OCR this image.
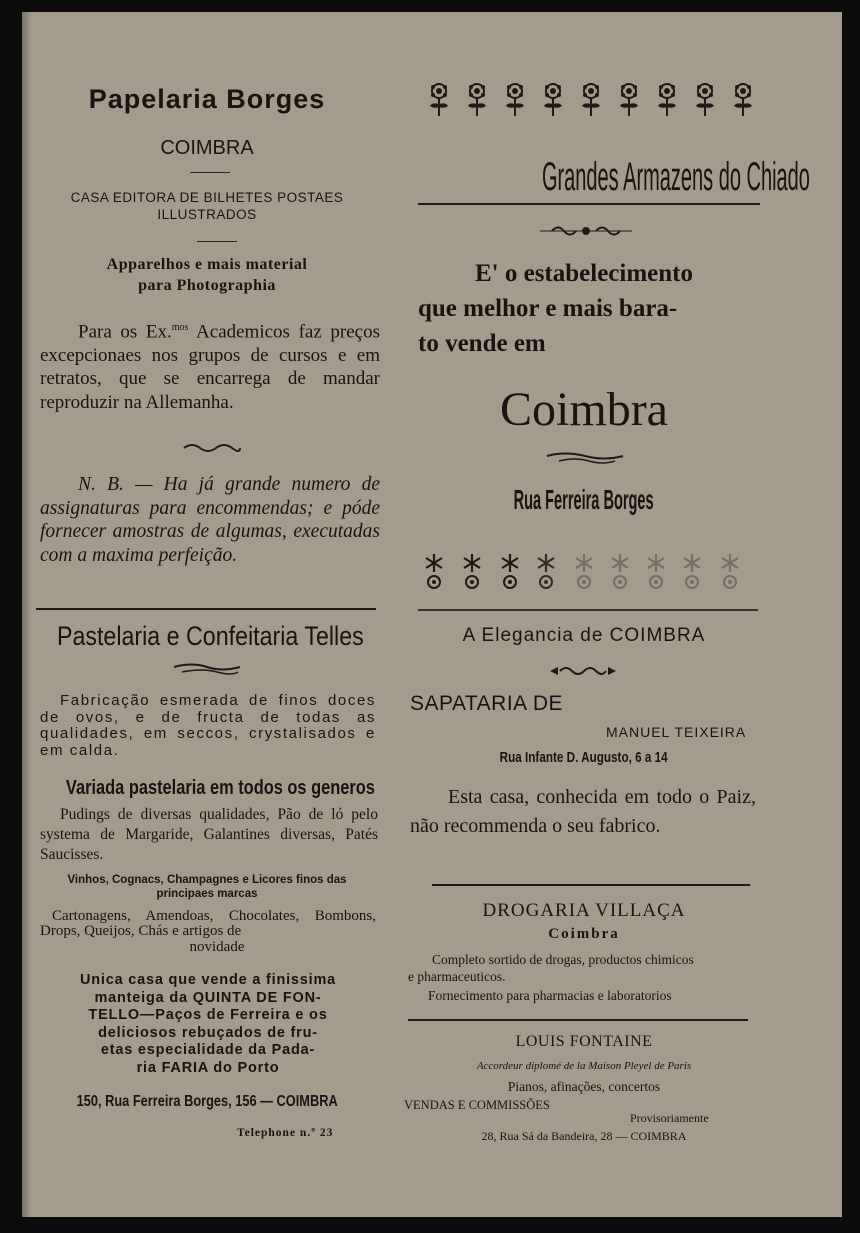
Papelaria Borges
COIMBRA
CASA EDITORA DE BILHETES POSTAES
ILLUSTRADOS
Apparelhos e mais material
para Photographia
Para os Ex.$^{mos}$ Academicos faz preços excepcionaes nos grupos de cursos e em retratos, que se encarrega de mandar reproduzir na Allemanha.
N. B. — Ha já grande numero de assignaturas para encommendas; e póde fornecer amostras de algumas, executadas com a maxima perfeição.
Pastelaria e Confeitaria Telles
Fabricação esmerada de finos doces de ovos, e de fructa de todas as qualidades, em seccos, crystalisados e em calda.
Variada pastelaria em todos os generos
Pudings de diversas qualidades, Pão de ló pelo systema de Margaride, Galantines diversas, Patés Saucisses.
Vinhos, Cognacs, Champagnes e Licores finos das
principaes marcas
Cartonagens, Amendoas, Chocolates, Bombons, Drops, Queijos, Chás e artigos de
novidade
Unica casa que vende a finissima
manteiga da QUINTA DE FON-
TELLO—Paços de Ferreira e os
deliciosos rebuçados de fru-
etas especialidade da Pada-
ria FARIA do Porto
150, Rua Ferreira Borges, 156 — COIMBRA
Telephone n.º 23
Grandes Armazens do Chiado
E' o estabelecimento
que melhor e mais bara-
to vende em
Coimbra
Rua Ferreira Borges
A Elegancia de COIMBRA
SAPATARIA DE
MANUEL TEIXEIRA
Rua Infante D. Augusto, 6 a 14
Esta casa, conhecida em todo o Paiz, não recommenda o seu fabrico.
DROGARIA VILLAÇA
Coimbra
Completo sortido de drogas, productos chimicos
e pharmaceuticos.
Fornecimento para pharmacias e laboratorios
LOUIS FONTAINE
Accordeur diplomé de la Maison Pleyel de Paris
Pianos, afinações, concertos
VENDAS E COMMISSÕES
Provisoriamente
28, Rua Sá da Bandeira, 28 — COIMBRA
